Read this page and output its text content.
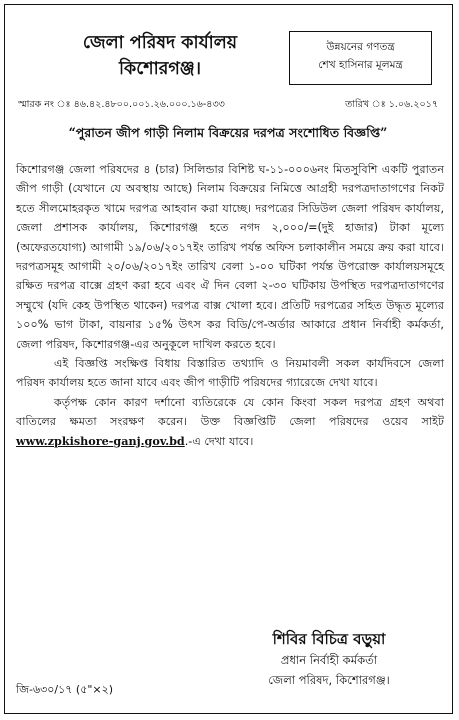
জেলা পরিষদ কার্যালয়
কিশোরগঞ্জ।
উন্নয়নের গণতন্ত্র
শেখ হাসিনার মূলমন্ত্র
স্মারক নং ঃ ৪৬.৪২.৪৮০০.০০১.২৬.০০০.১৬-৪৩৩	তারিখ ঃ ১.০৬.২০১৭
“পুরাতন জীপ গাড়ী নিলাম বিক্রয়ের দরপত্র সংশোধিত বিজ্ঞপ্তি”

কিশোরগঞ্জ জেলা পরিষদের ৪ (চার) সিলিন্ডার বিশিষ্ট ঘ-১১-০০০৬নং মিতসুবিশি একটি পুরাতন জীপ গাড়ী (যেখানে যে অবস্থায় আছে) নিলাম বিক্রয়ের নিমিত্তে আগ্রহী দরপত্রদাতাগণের নিকট হতে সীলমোহরকৃত খামে দরপত্র আহবান করা যাচ্ছে। দরপত্রের সিডিউল জেলা পরিষদ কার্যালয়, জেলা প্রশাসক কার্যালয়, কিশোরগঞ্জ হতে নগদ ২,০০০/=(দুই হাজার) টাকা মূল্যে (অফেরতযোগ্য) আগামী ১৯/০৬/২০১৭ইং তারিখ পর্যন্ত অফিস চলাকালীন সময়ে ক্রয় করা যাবে। দরপত্রসমূহ আগামী ২০/০৬/২০১৭ইং তারিখ বেলা ১-০০ ঘটিকা পর্যন্ত উপরোক্ত কার্যালয়সমূহে রক্ষিত দরপত্র বাক্সে গ্রহণ করা হবে এবং ঐ দিন বেলা ২-৩০ ঘটিকায় উপস্থিত দরপত্রদাতাগণের সম্মুখে (যদি কেহ উপস্থিত থাকেন) দরপত্র বাক্স খোলা হবে। প্রতিটি দরপত্রের সহিত উদ্ধৃত মূল্যের ১০০% ভাগ টাকা, বায়নার ১৫% উৎস কর বিডি/পে-অর্ডার আকারে প্রধান নির্বাহী কর্মকর্তা, জেলা পরিষদ, কিশোরগঞ্জ-এর অনুকূলে দাখিল করতে হবে।

এই বিজ্ঞপ্তি সংক্ষিপ্ত বিধায় বিস্তারিত তথ্যাদি ও নিয়মাবলী সকল কার্যদিবসে জেলা পরিষদ কার্যালয় হতে জানা যাবে এবং জীপ গাড়ীটি পরিষদের গ্যারেজে দেখা যাবে।

কর্তৃপক্ষ কোন কারণ দর্শানো ব্যতিরেকে যে কোন কিংবা সকল দরপত্র গ্রহণ অথবা বাতিলের ক্ষমতা সংরক্ষণ করেন। উক্ত বিজ্ঞপ্তিটি জেলা পরিষদের ওয়েব সাইট www.zpkishore-ganj.gov.bd.-এ দেখা যাবে।

শিবির বিচিত্র বড়ুয়া
প্রধান নির্বাহী কর্মকর্তা
জেলা পরিষদ, কিশোরগঞ্জ।
জি-৬৩০/১৭ (৫"×২)
